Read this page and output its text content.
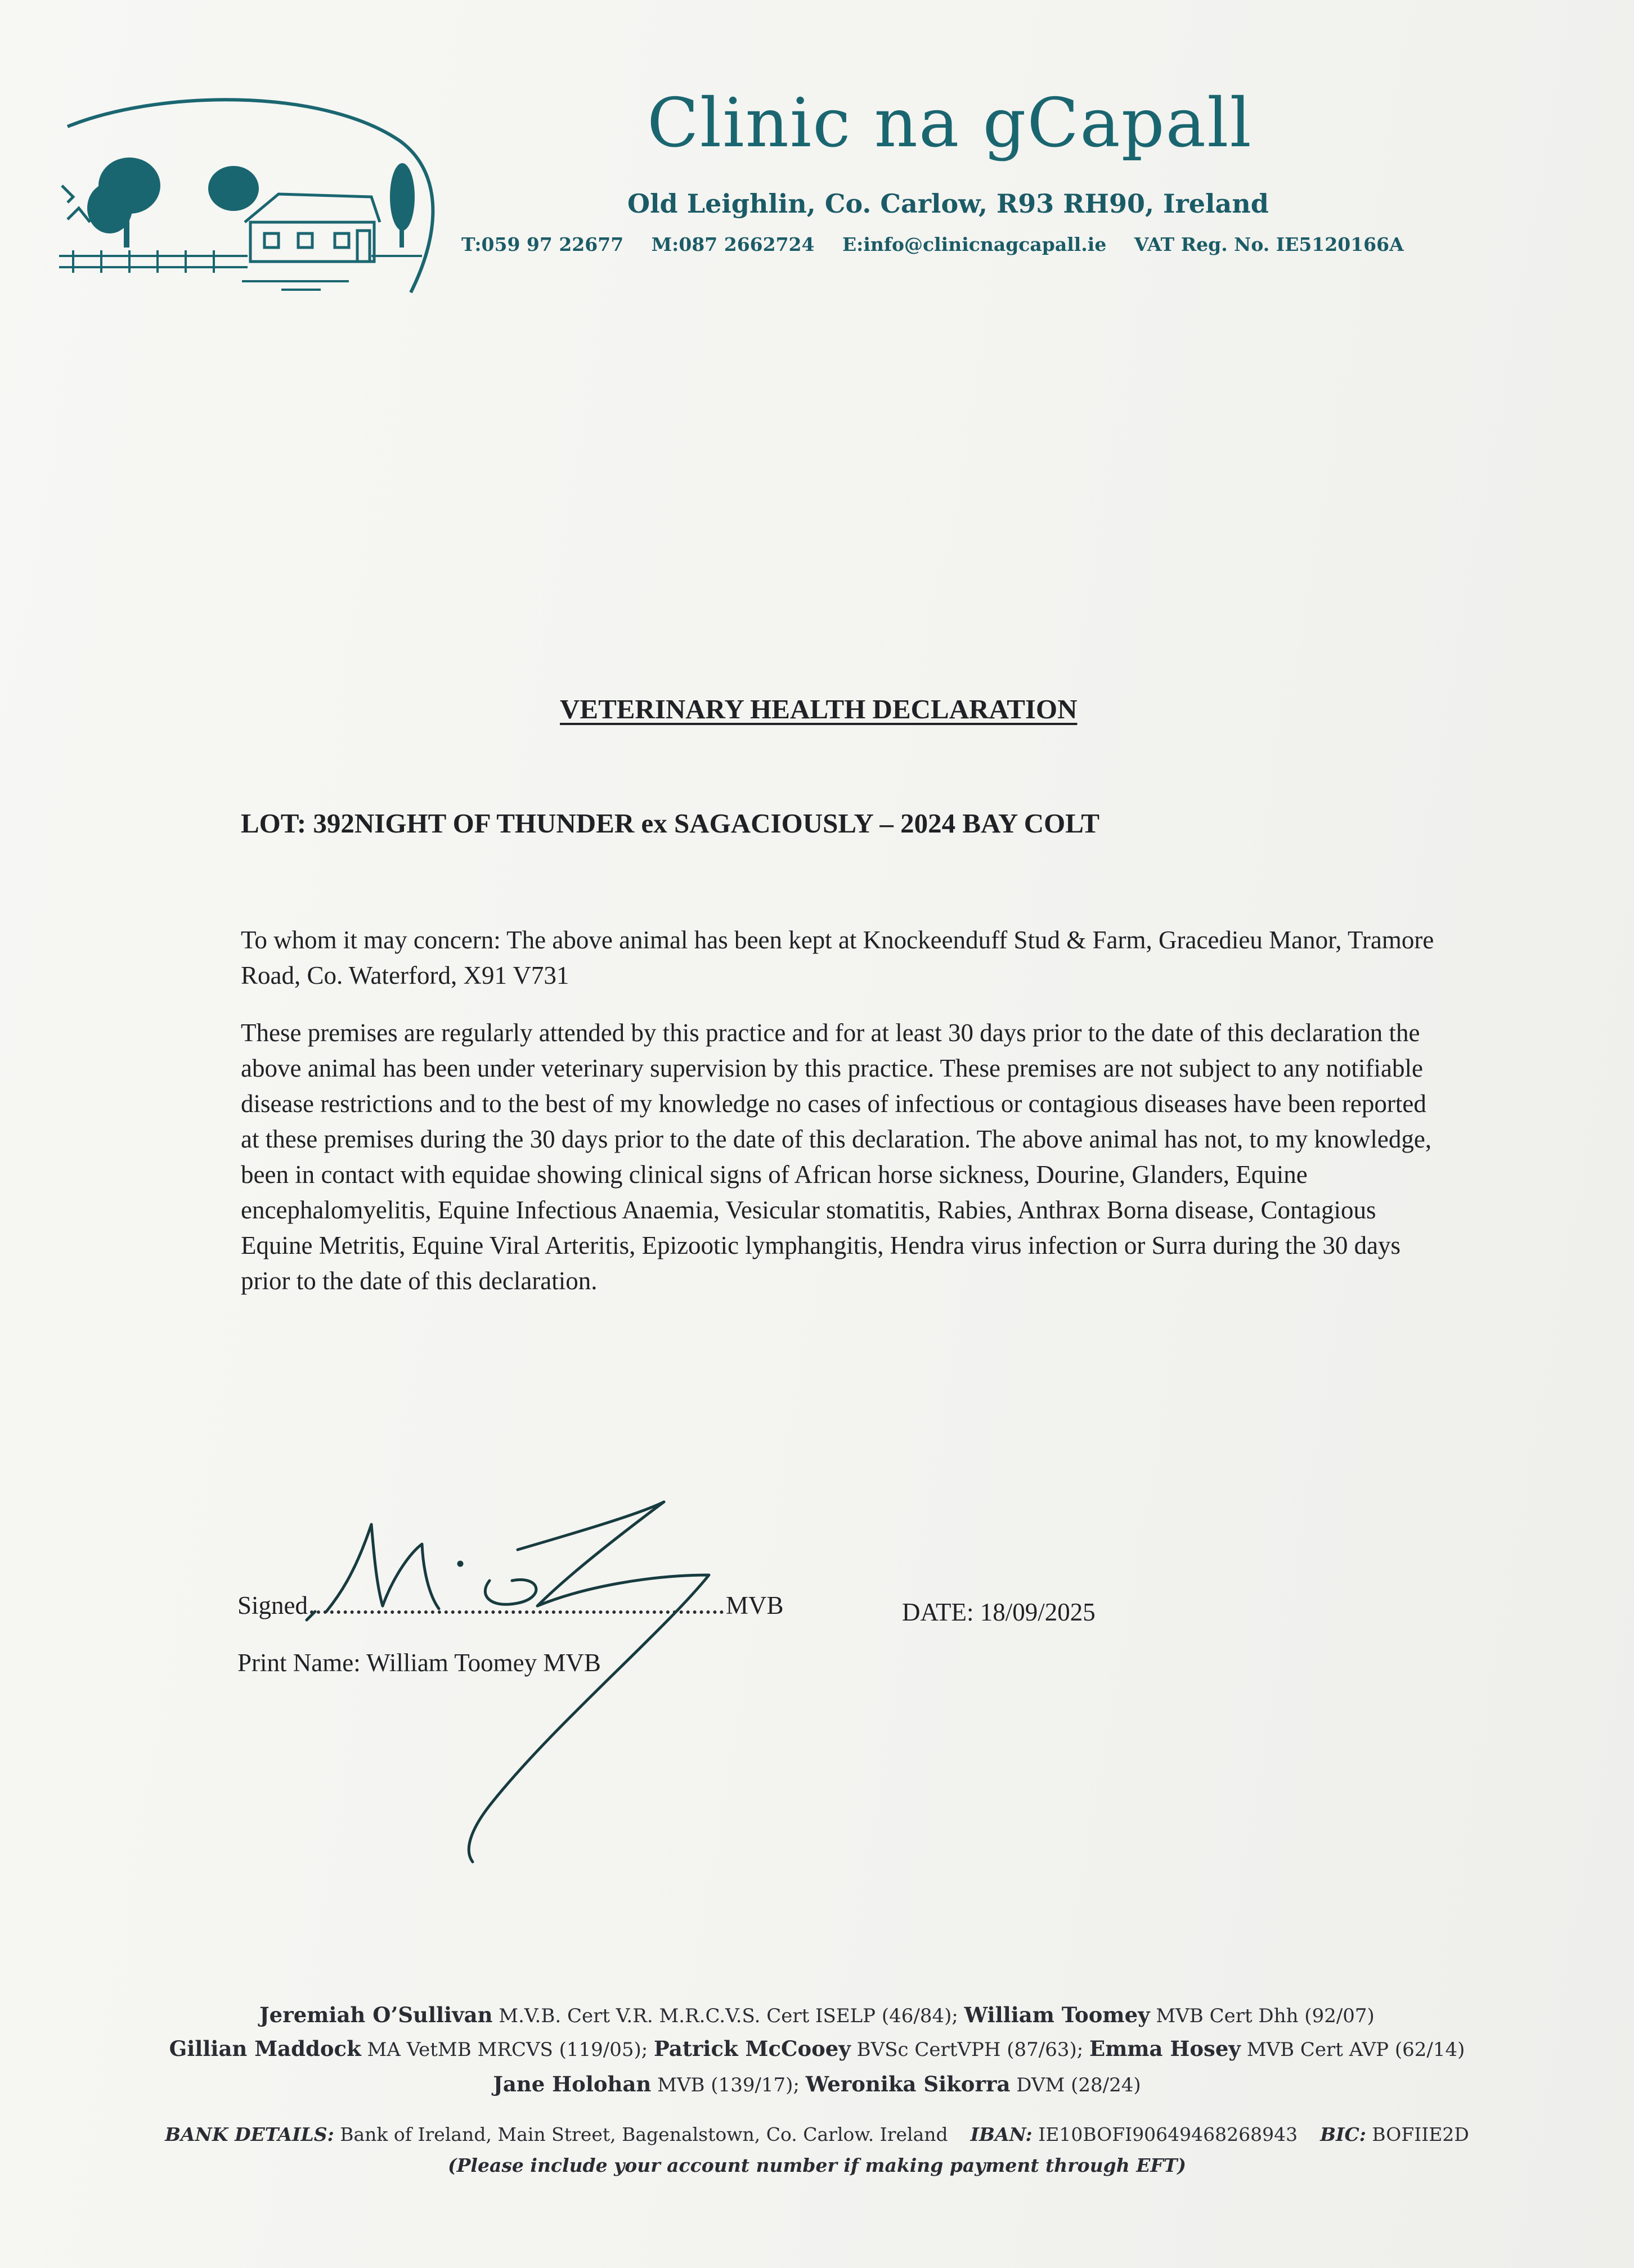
Clinic na gCapall
Old Leighlin, Co. Carlow, R93 RH90, Ireland
T:059 97 22677 M:087 2662724 E:info@clinicnagcapall.ie VAT Reg. No. IE5120166A
VETERINARY HEALTH DECLARATION
LOT: 392NIGHT OF THUNDER ex SAGACIOUSLY – 2024 BAY COLT
To whom it may concern: The above animal has been kept at Knockeenduff Stud & Farm, Gracedieu Manor, Tramore Road, Co. Waterford, X91 V731
These premises are regularly attended by this practice and for at least 30 days prior to the date of this declaration the above animal has been under veterinary supervision by this practice. These premises are not subject to any notifiable disease restrictions and to the best of my knowledge no cases of infectious or contagious diseases have been reported at these premises during the 30 days prior to the date of this declaration. The above animal has not, to my knowledge, been in contact with equidae showing clinical signs of African horse sickness, Dourine, Glanders, Equine encephalomyelitis, Equine Infectious Anaemia, Vesicular stomatitis, Rabies, Anthrax Borna disease, Contagious Equine Metritis, Equine Viral Arteritis, Epizootic lymphangitis, Hendra virus infection or Surra during the 30 days prior to the date of this declaration.
Signed	MVB	DATE: 18/09/2025
Print Name: William Toomey MVB
Jeremiah O’Sullivan M.V.B. Cert V.R. M.R.C.V.S. Cert ISELP (46/84); William Toomey MVB Cert Dhh (92/07)
Gillian Maddock MA VetMB MRCVS (119/05); Patrick McCooey BVSc CertVPH (87/63); Emma Hosey MVB Cert AVP (62/14)
Jane Holohan MVB (139/17); Weronika Sikorra DVM (28/24)
BANK DETAILS: Bank of Ireland, Main Street, Bagenalstown, Co. Carlow. Ireland IBAN: IE10BOFI90649468268943 BIC: BOFIIE2D
(Please include your account number if making payment through EFT)
